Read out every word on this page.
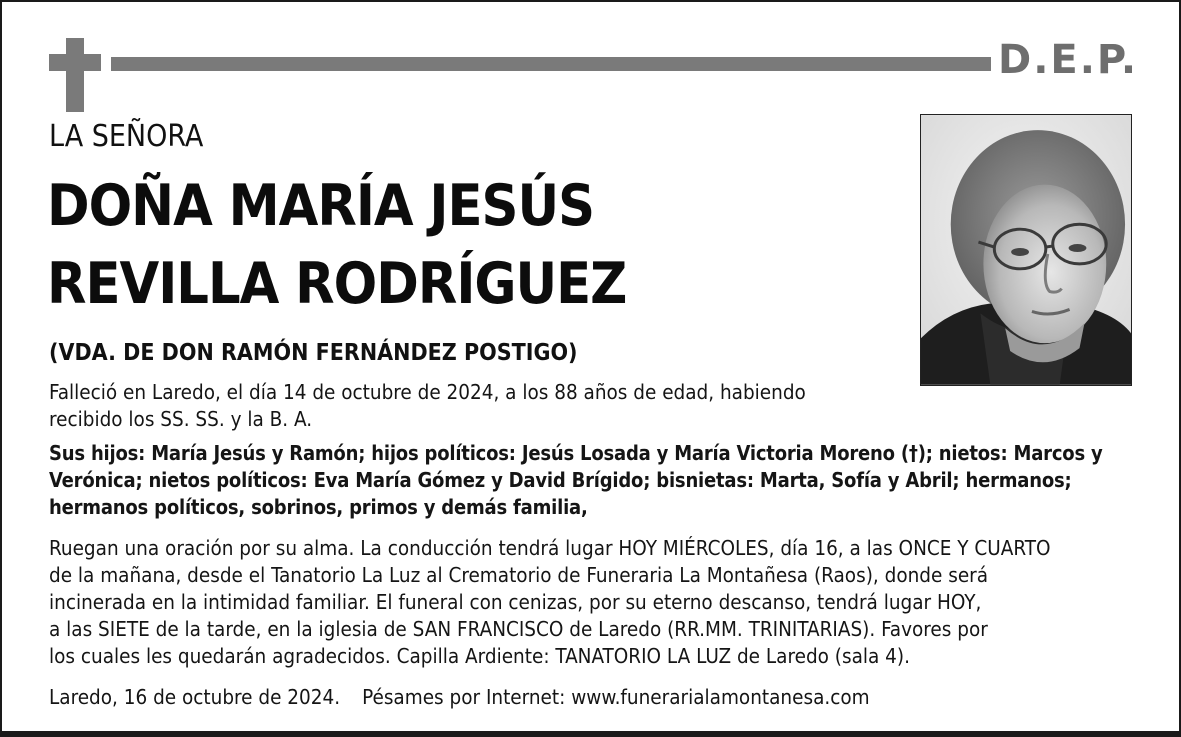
D.E.P.
LA SEÑORA
DOÑA MARÍA JESÚS
REVILLA RODRÍGUEZ
(VDA. DE DON RAMÓN FERNÁNDEZ POSTIGO)
Falleció en Laredo, el día 14 de octubre de 2024, a los 88 años de edad, habiendo
recibido los SS. SS. y la B. A.
Sus hijos: María Jesús y Ramón; hijos políticos: Jesús Losada y María Victoria Moreno (†); nietos: Marcos y
Verónica; nietos políticos: Eva María Gómez y David Brígido; bisnietas: Marta, Sofía y Abril; hermanos;
hermanos políticos, sobrinos, primos y demás familia,
Ruegan una oración por su alma. La conducción tendrá lugar HOY MIÉRCOLES, día 16, a las ONCE Y CUARTO
de la mañana, desde el Tanatorio La Luz al Crematorio de Funeraria La Montañesa (Raos), donde será
incinerada en la intimidad familiar. El funeral con cenizas, por su eterno descanso, tendrá lugar HOY,
a las SIETE de la tarde, en la iglesia de SAN FRANCISCO de Laredo (RR.MM. TRINITARIAS). Favores por
los cuales les quedarán agradecidos. Capilla Ardiente: TANATORIO LA LUZ de Laredo (sala 4).
Laredo, 16 de octubre de 2024. Pésames por Internet: www.funerarialamontanesa.com
